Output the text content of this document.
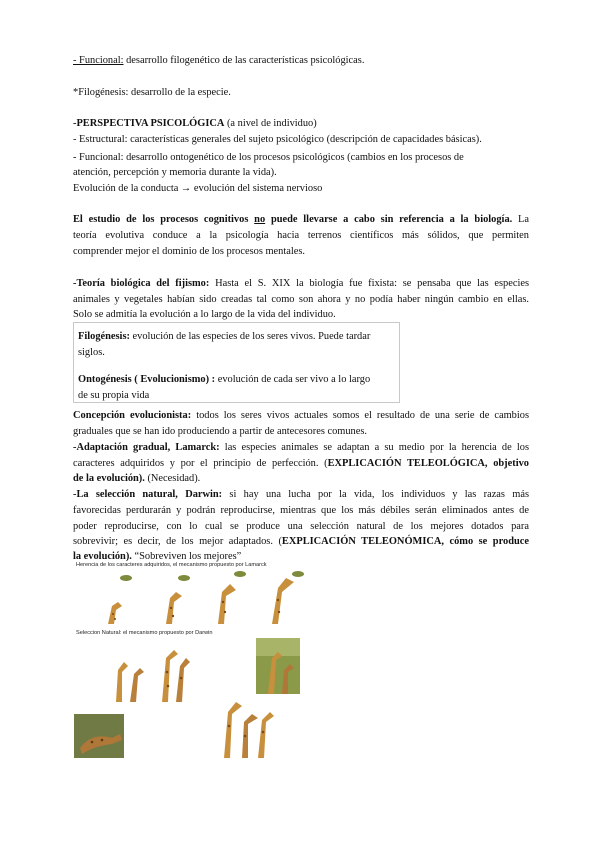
- Funcional: desarrollo filogenético de las características psicológicas.
*Filogénesis: desarrollo de la especie.
-PERSPECTIVA PSICOLÓGICA (a nivel de individuo)
- Estructural: características generales del sujeto psicológico (descripción de capacidades básicas).
- Funcional: desarrollo ontogenético de los procesos psicológicos (cambios en los procesos de
atención, percepción y memoria durante la vida).
Evolución de la conducta → evolución del sistema nervioso
El estudio de los procesos cognitivos no puede llevarse a cabo sin referencia a la biología. La
teoría evolutiva conduce a la psicología hacia terrenos científicos más sólidos, que permiten
comprender mejor el dominio de los procesos mentales.
-Teoría biológica del fijismo: Hasta el S. XIX la biología fue fixista: se pensaba que las especies
animales y vegetales habían sido creadas tal como son ahora y no podía haber ningún cambio en ellas.
Solo se admitía la evolución a lo largo de la vida del individuo.
Filogénesis: evolución de las especies de los seres vivos. Puede tardar
siglos.
Ontogénesis ( Evolucionismo) : evolución de cada ser vivo a lo largo
de su propia vida
Concepción evolucionista: todos los seres vivos actuales somos el resultado de una serie de cambios
graduales que se han ido produciendo a partir de antecesores comunes.
-Adaptación gradual, Lamarck: las especies animales se adaptan a su medio por la herencia de los
caracteres adquiridos y por el principio de perfección. (EXPLICACIÓN TELEOLÓGICA, objetivo
de la evolución). (Necesidad).
-La selección natural, Darwin: si hay una lucha por la vida, los individuos y las razas más
favorecidas perdurarán y podrán reproducirse, mientras que los más débiles serán eliminados antes de
poder reproducirse, con lo cual se produce una selección natural de los mejores dotados para
sobrevivir; es decir, de los mejor adaptados. (EXPLICACIÓN TELEONÓMICA, cómo se produce
la evolución). “Sobreviven los mejores”
Herencia de los caracteres adquiridos, el mecanismo propuesto por Lamarck
Seleccion Natural: el mecanismo propuesto por Darwin
